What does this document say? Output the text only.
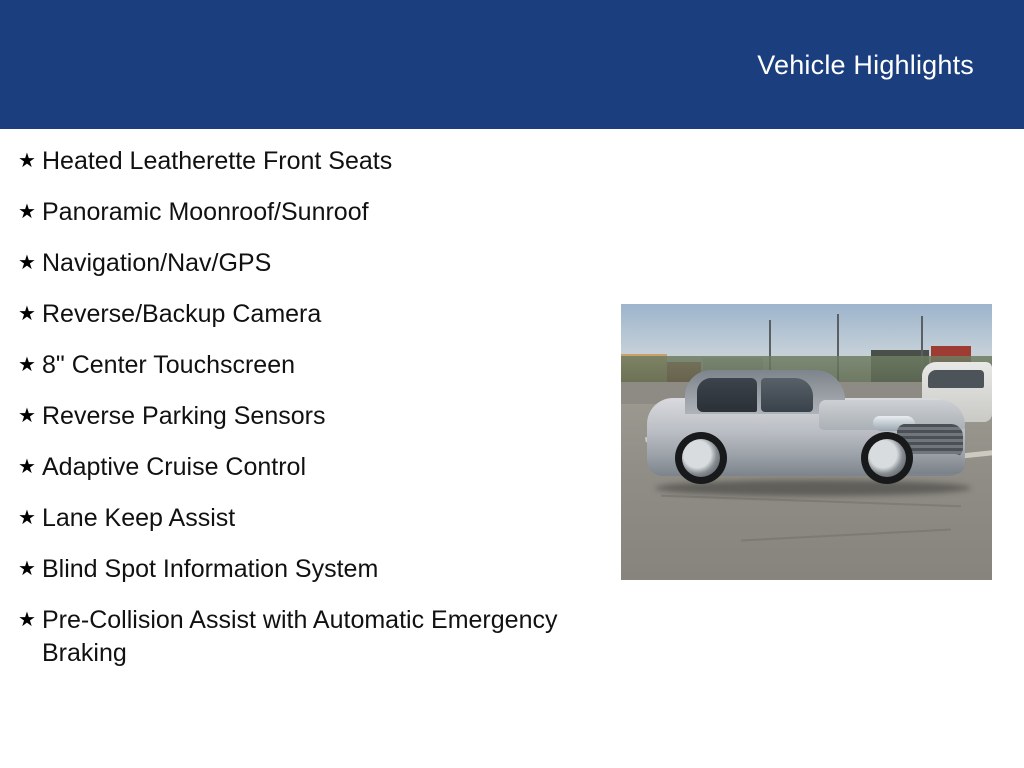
Vehicle Highlights
★ Heated Leatherette Front Seats
★ Panoramic Moonroof/Sunroof
★ Navigation/Nav/GPS
★ Reverse/Backup Camera
★ 8" Center Touchscreen
★ Reverse Parking Sensors
★ Adaptive Cruise Control
★ Lane Keep Assist
★ Blind Spot Information System
★ Pre-Collision Assist with Automatic Emergency Braking
